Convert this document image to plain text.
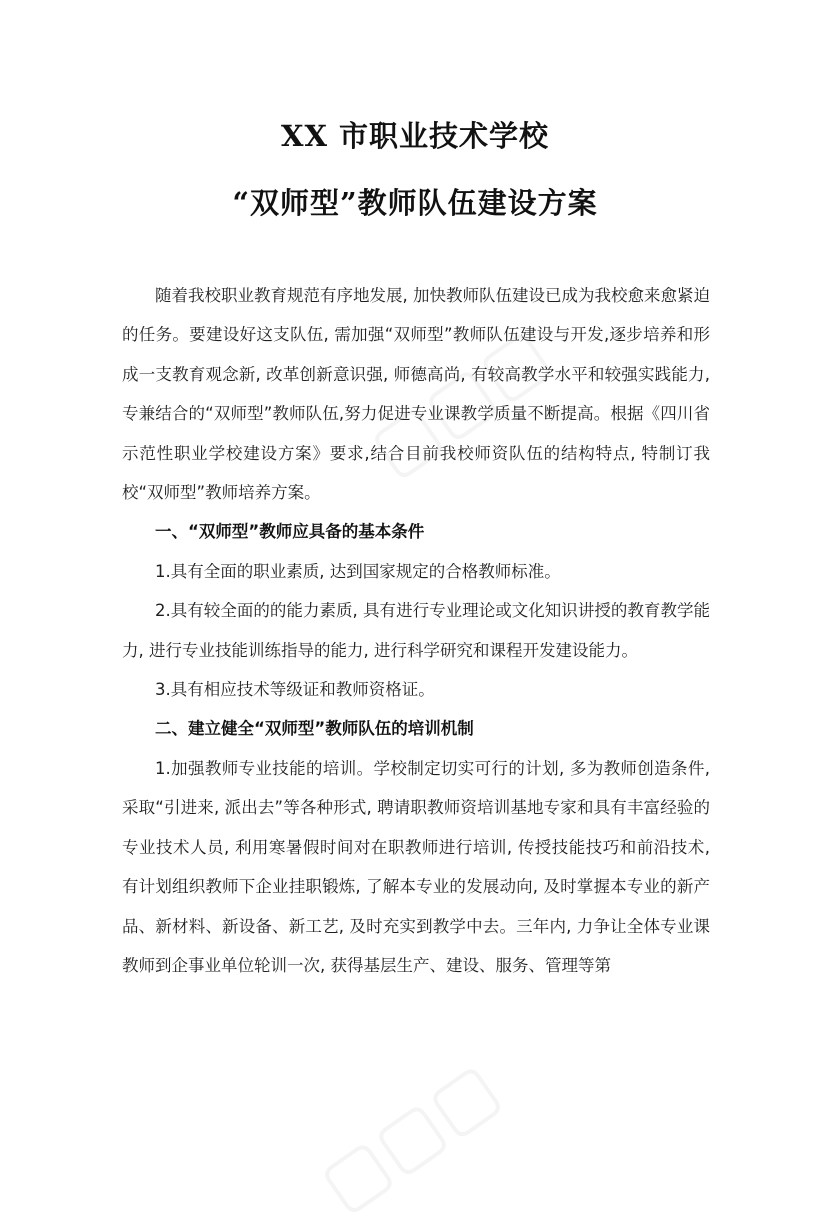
XX 市职业技术学校
“双师型”教师队伍建设方案

随着我校职业教育规范有序地发展, 加快教师队伍建设已成为我校愈来愈紧迫的任务。要建设好这支队伍, 需加强“双师型”教师队伍建设与开发,逐步培养和形成一支教育观念新, 改革创新意识强, 师德高尚, 有较高教学水平和较强实践能力, 专兼结合的“双师型”教师队伍,努力促进专业课教学质量不断提高。根据《四川省示范性职业学校建设方案》要求,结合目前我校师资队伍的结构特点, 特制订我校“双师型”教师培养方案。

一、“双师型”教师应具备的基本条件

1.具有全面的职业素质, 达到国家规定的合格教师标准。

2.具有较全面的的能力素质, 具有进行专业理论或文化知识讲授的教育教学能力, 进行专业技能训练指导的能力, 进行科学研究和课程开发建设能力。

3.具有相应技术等级证和教师资格证。

二、建立健全“双师型”教师队伍的培训机制

1.加强教师专业技能的培训。学校制定切实可行的计划, 多为教师创造条件, 采取“引进来, 派出去”等各种形式, 聘请职教师资培训基地专家和具有丰富经验的专业技术人员, 利用寒暑假时间对在职教师进行培训, 传授技能技巧和前沿技术, 有计划组织教师下企业挂职锻炼, 了解本专业的发展动向, 及时掌握本专业的新产品、新材料、新设备、新工艺, 及时充实到教学中去。三年内, 力争让全体专业课教师到企事业单位轮训一次, 获得基层生产、建设、服务、管理等第
